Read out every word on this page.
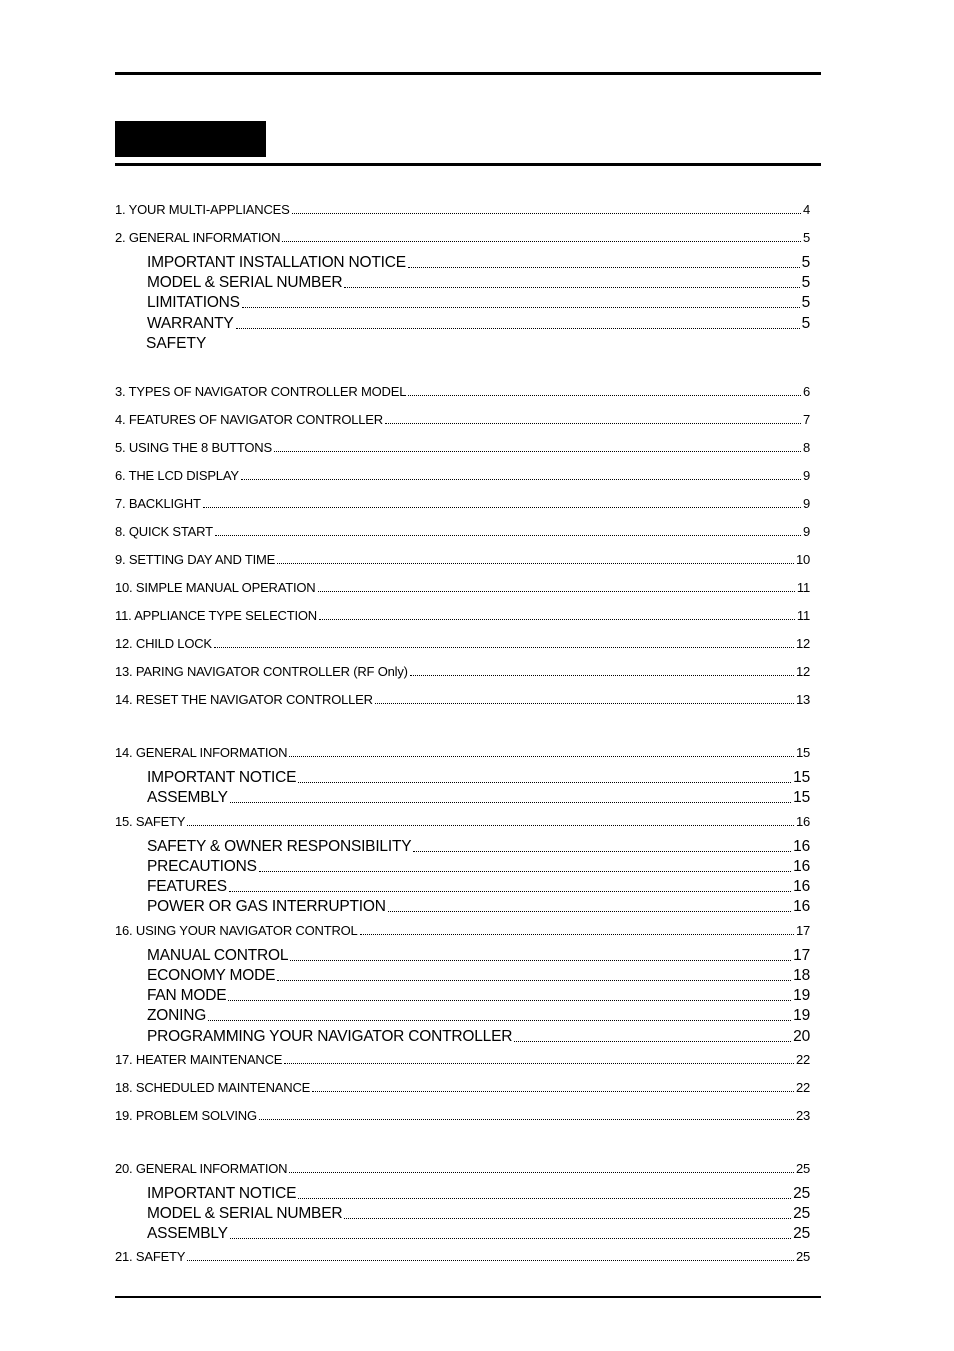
SAFETY
1. YOUR MULTI-APPLIANCES	4
2. GENERAL INFORMATION	5
IMPORTANT INSTALLATION NOTICE	5
MODEL & SERIAL NUMBER	5
LIMITATIONS	5
WARRANTY	5
3. TYPES OF NAVIGATOR CONTROLLER MODEL	6
4. FEATURES OF NAVIGATOR CONTROLLER	7
5. USING THE 8 BUTTONS	8
6. THE LCD DISPLAY	9
7. BACKLIGHT	9
8. QUICK START	9
9. SETTING DAY AND TIME	10
10. SIMPLE MANUAL OPERATION	11
11. APPLIANCE TYPE SELECTION	11
12. CHILD LOCK	12
13. PARING NAVIGATOR CONTROLLER (RF Only)	12
14. RESET THE NAVIGATOR CONTROLLER	13
14. GENERAL INFORMATION	15
IMPORTANT NOTICE	15
ASSEMBLY	15
15. SAFETY	16
SAFETY & OWNER RESPONSIBILITY	16
PRECAUTIONS	16
FEATURES	16
POWER OR GAS INTERRUPTION	16
16. USING YOUR NAVIGATOR CONTROL	17
MANUAL CONTROL	17
ECONOMY MODE	18
FAN MODE	19
ZONING	19
PROGRAMMING YOUR NAVIGATOR CONTROLLER	20
17. HEATER MAINTENANCE	22
18. SCHEDULED MAINTENANCE	22
19. PROBLEM SOLVING	23
20. GENERAL INFORMATION	25
IMPORTANT NOTICE	25
MODEL & SERIAL NUMBER	25
ASSEMBLY	25
21. SAFETY	25
